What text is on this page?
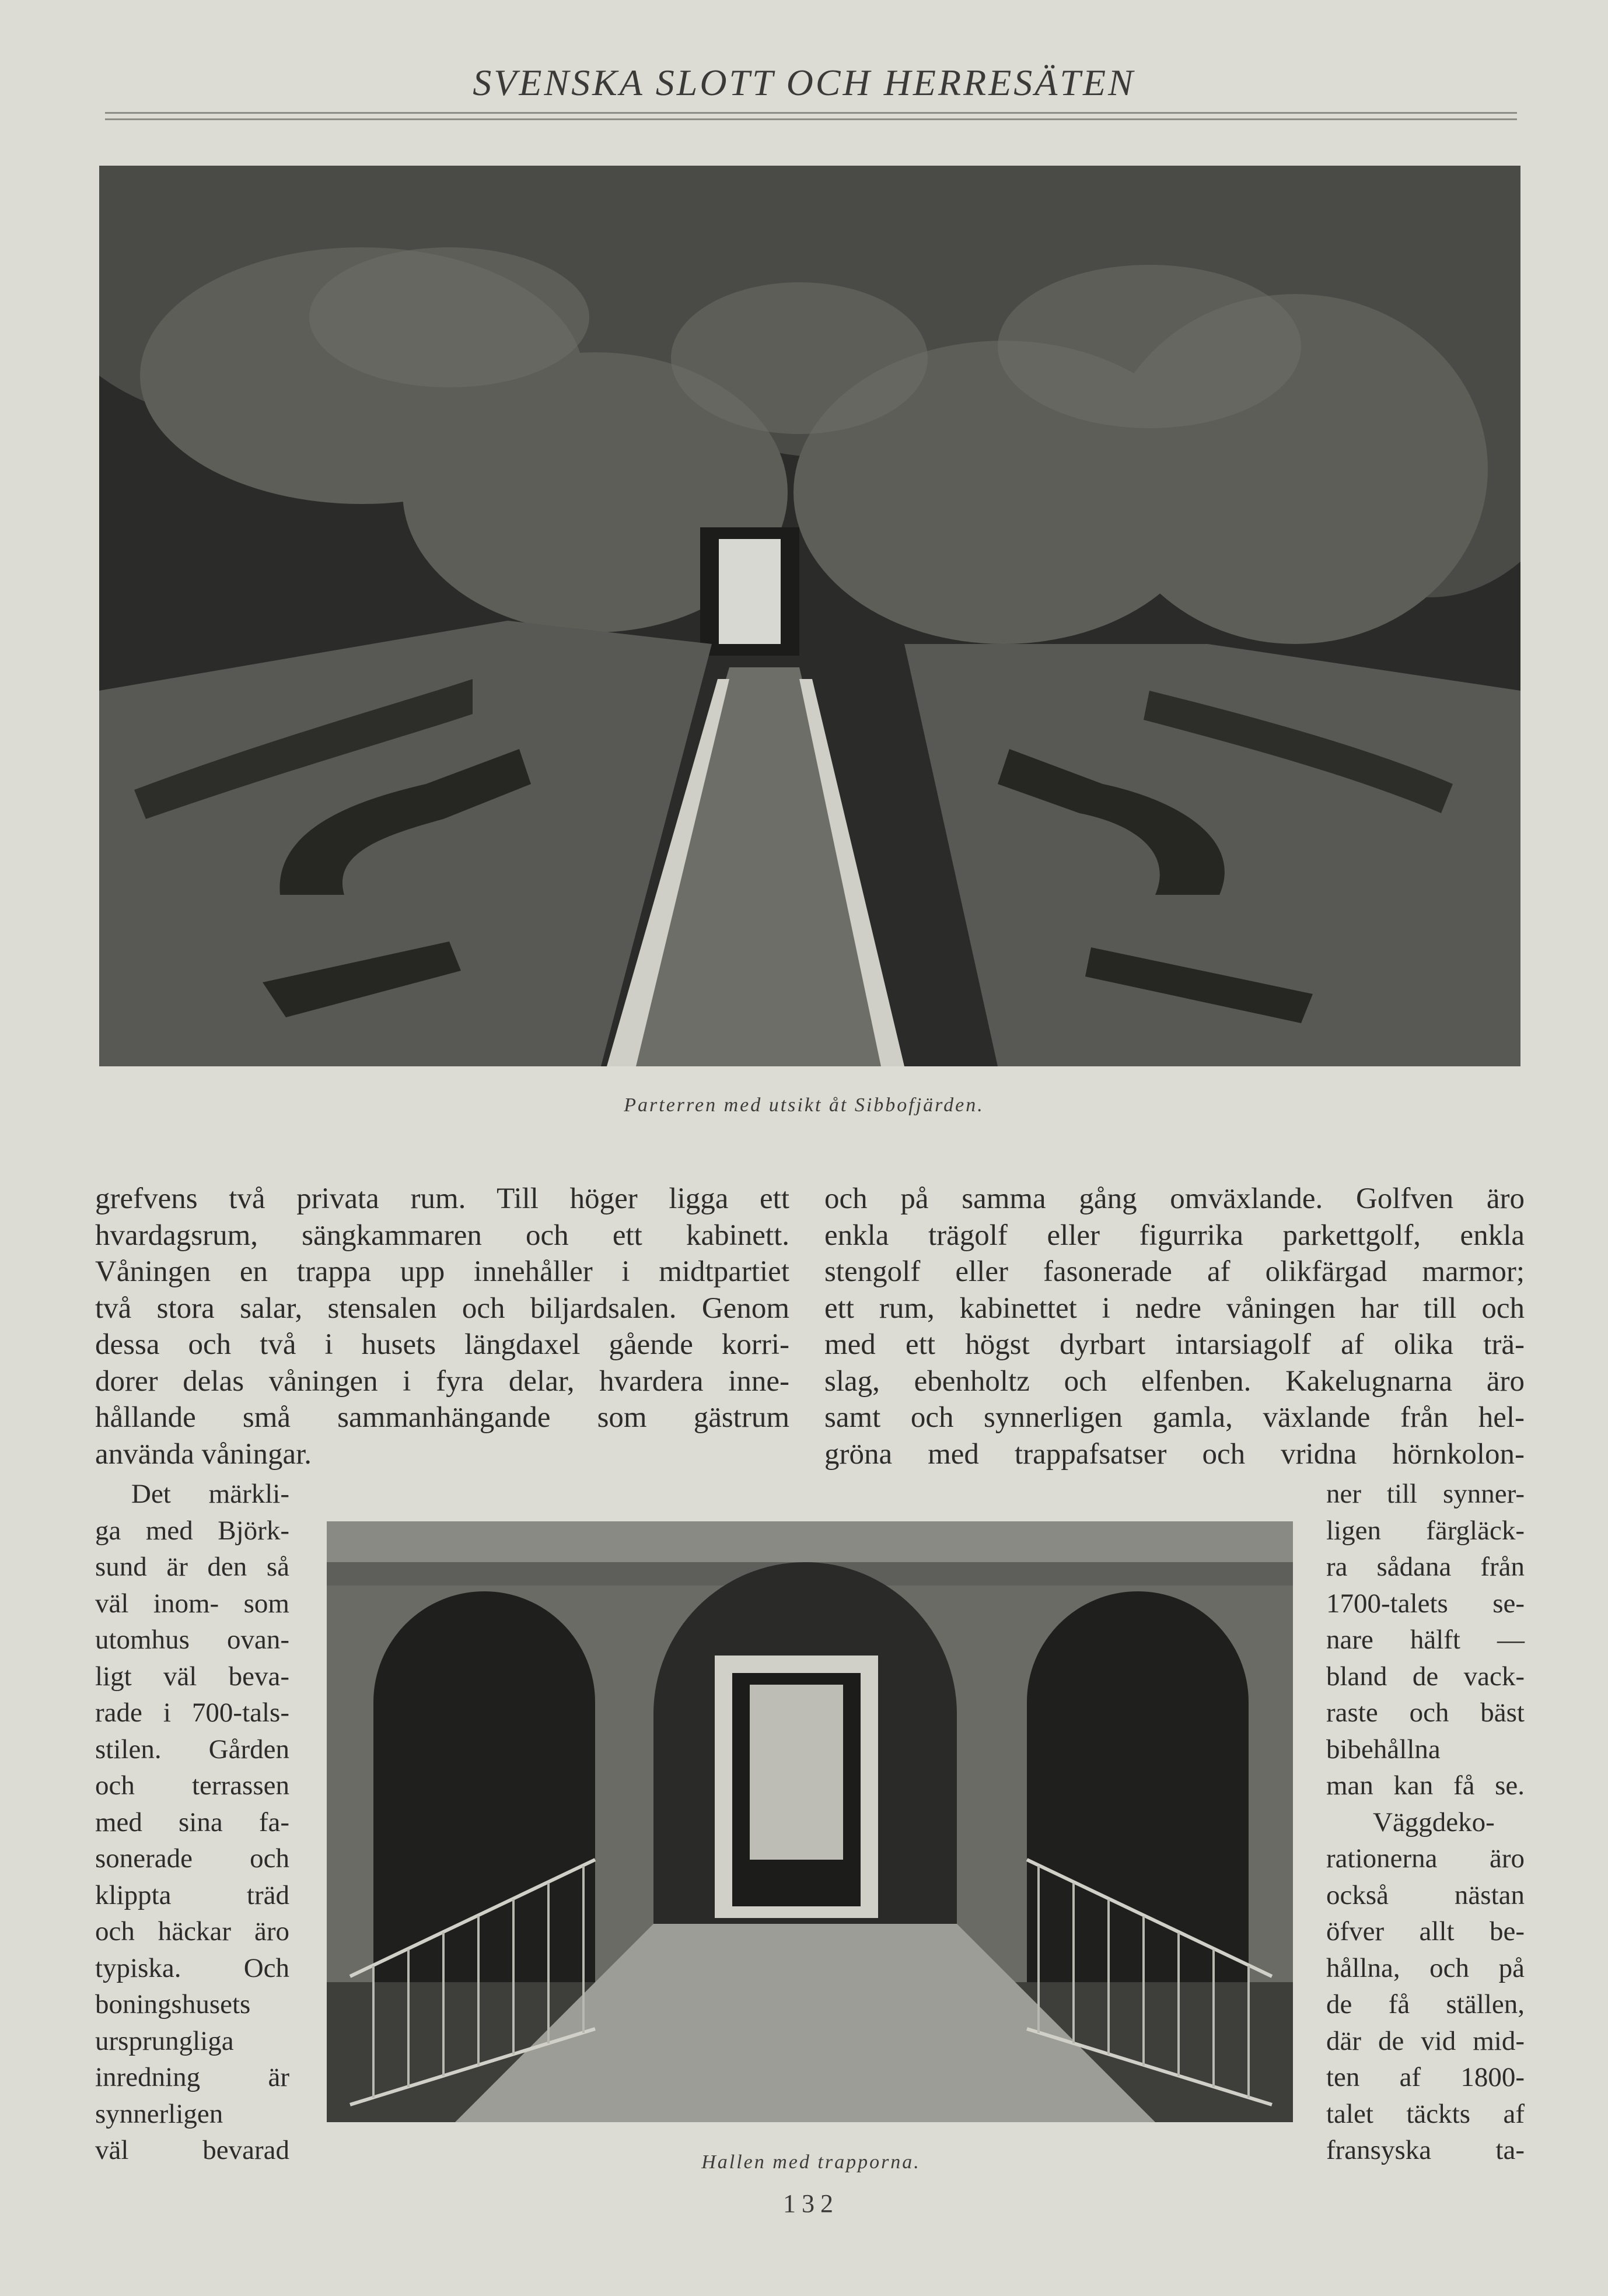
SVENSKA SLOTT OCH HERRESÄTEN
Parterren med utsikt åt Sibbofjärden.
grefvens två privata rum. Till höger ligga ett
hvardagsrum, sängkammaren och ett kabinett.
Våningen en trappa upp innehåller i midtpartiet
två stora salar, stensalen och biljardsalen. Genom
dessa och två i husets längdaxel gående korri-
dorer delas våningen i fyra delar, hvardera inne-
hållande små sammanhängande som gästrum
använda våningar.
och på samma gång omväxlande. Golfven äro
enkla trägolf eller figurrika parkettgolf, enkla
stengolf eller fasonerade af olikfärgad marmor;
ett rum, kabinettet i nedre våningen har till och
med ett högst dyrbart intarsiagolf af olika trä-
slag, ebenholtz och elfenben. Kakelugnarna äro
samt och synnerligen gamla, växlande från hel-
gröna med trappafsatser och vridna hörnkolon-
Det märkli-
ga med Björk-
sund är den så
väl inom- som
utomhus ovan-
ligt väl beva-
rade i 700-tals-
stilen. Gården
och terrassen
med sina fa-
sonerade och
klippta träd
och häckar äro
typiska. Och
boningshusets
ursprungliga
inredning är
synnerligen
väl bevarad
ner till synner-
ligen färgläck-
ra sådana från
1700-talets se-
nare hälft —
bland de vack-
raste och bäst
bibehållna
man kan få se.
Väggdeko-
rationerna äro
också nästan
öfver allt be-
hållna, och på
de få ställen,
där de vid mid-
ten af 1800-
talet täckts af
fransyska ta-
Hallen med trapporna.
132
